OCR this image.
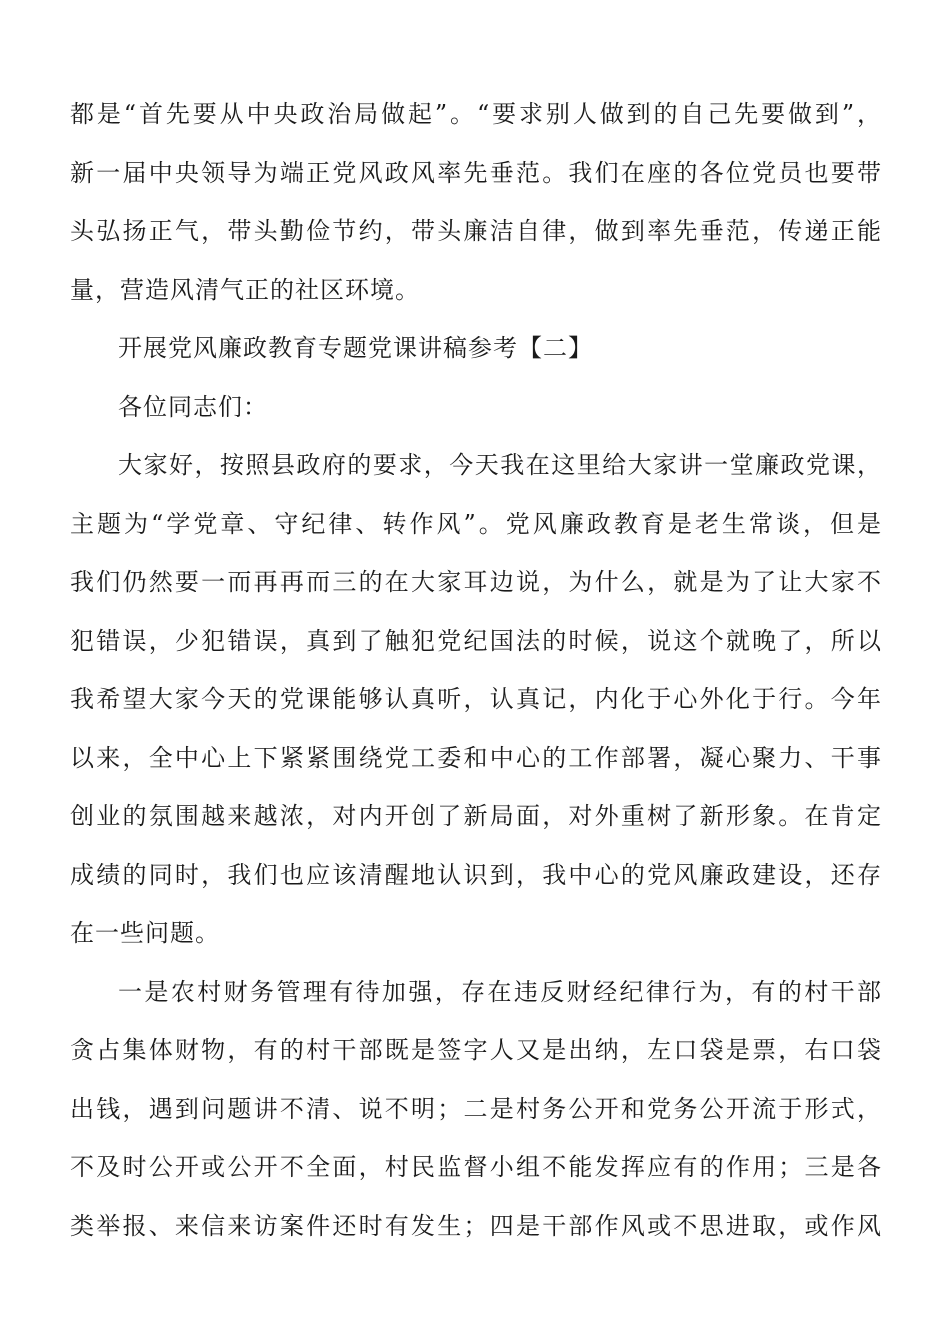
都是“首先要从中央政治局做起”。“要求别人做到的自己先要做到”，
新一届中央领导为端正党风政风率先垂范。我们在座的各位党员也要带
头弘扬正气，带头勤俭节约，带头廉洁自律，做到率先垂范，传递正能
量，营造风清气正的社区环境。
开展党风廉政教育专题党课讲稿参考【二】
各位同志们：
大家好，按照县政府的要求，今天我在这里给大家讲一堂廉政党课，
主题为“学党章、守纪律、转作风”。党风廉政教育是老生常谈，但是
我们仍然要一而再再而三的在大家耳边说，为什么，就是为了让大家不
犯错误，少犯错误，真到了触犯党纪国法的时候，说这个就晚了，所以
我希望大家今天的党课能够认真听，认真记，内化于心外化于行。今年
以来，全中心上下紧紧围绕党工委和中心的工作部署，凝心聚力、干事
创业的氛围越来越浓，对内开创了新局面，对外重树了新形象。在肯定
成绩的同时，我们也应该清醒地认识到，我中心的党风廉政建设，还存
在一些问题。
一是农村财务管理有待加强，存在违反财经纪律行为，有的村干部
贪占集体财物，有的村干部既是签字人又是出纳，左口袋是票，右口袋
出钱，遇到问题讲不清、说不明；二是村务公开和党务公开流于形式，
不及时公开或公开不全面，村民监督小组不能发挥应有的作用；三是各
类举报、来信来访案件还时有发生；四是干部作风或不思进取，或作风
